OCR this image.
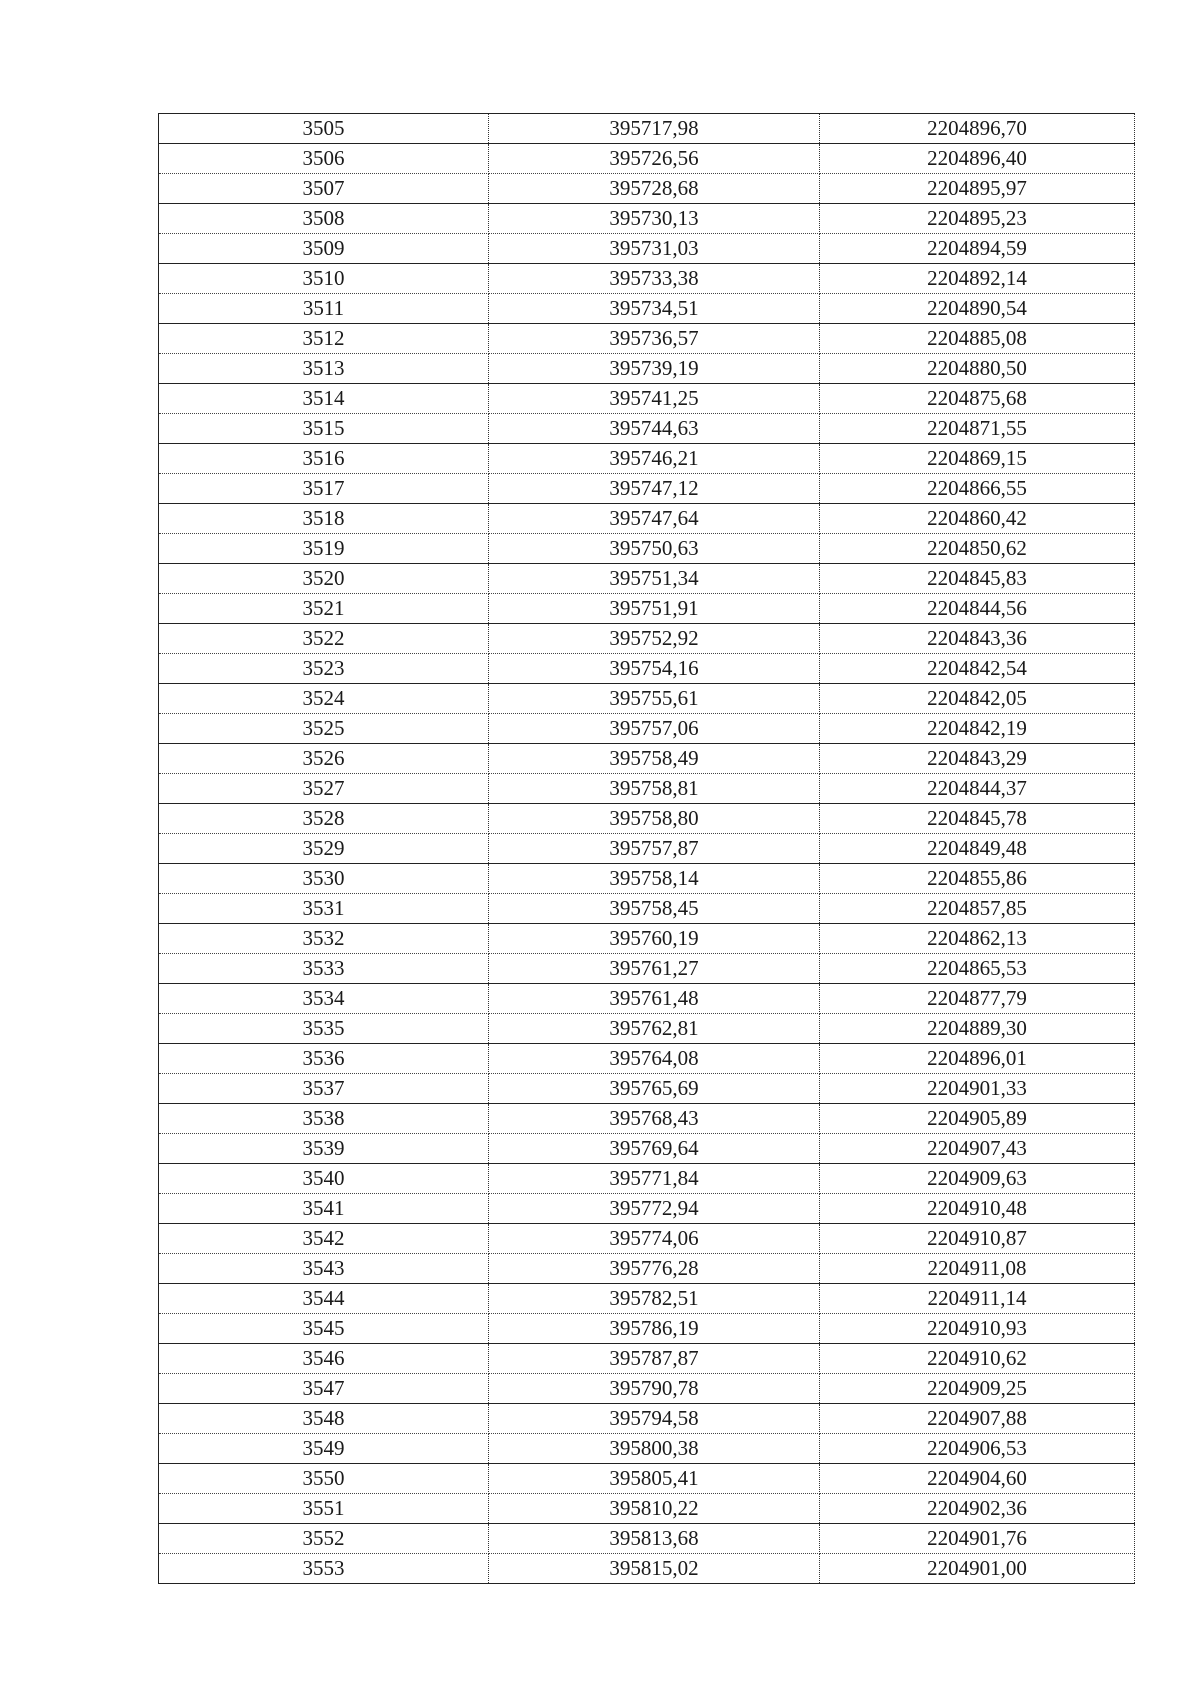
3505	395717,98	2204896,70
3506	395726,56	2204896,40
3507	395728,68	2204895,97
3508	395730,13	2204895,23
3509	395731,03	2204894,59
3510	395733,38	2204892,14
3511	395734,51	2204890,54
3512	395736,57	2204885,08
3513	395739,19	2204880,50
3514	395741,25	2204875,68
3515	395744,63	2204871,55
3516	395746,21	2204869,15
3517	395747,12	2204866,55
3518	395747,64	2204860,42
3519	395750,63	2204850,62
3520	395751,34	2204845,83
3521	395751,91	2204844,56
3522	395752,92	2204843,36
3523	395754,16	2204842,54
3524	395755,61	2204842,05
3525	395757,06	2204842,19
3526	395758,49	2204843,29
3527	395758,81	2204844,37
3528	395758,80	2204845,78
3529	395757,87	2204849,48
3530	395758,14	2204855,86
3531	395758,45	2204857,85
3532	395760,19	2204862,13
3533	395761,27	2204865,53
3534	395761,48	2204877,79
3535	395762,81	2204889,30
3536	395764,08	2204896,01
3537	395765,69	2204901,33
3538	395768,43	2204905,89
3539	395769,64	2204907,43
3540	395771,84	2204909,63
3541	395772,94	2204910,48
3542	395774,06	2204910,87
3543	395776,28	2204911,08
3544	395782,51	2204911,14
3545	395786,19	2204910,93
3546	395787,87	2204910,62
3547	395790,78	2204909,25
3548	395794,58	2204907,88
3549	395800,38	2204906,53
3550	395805,41	2204904,60
3551	395810,22	2204902,36
3552	395813,68	2204901,76
3553	395815,02	2204901,00
